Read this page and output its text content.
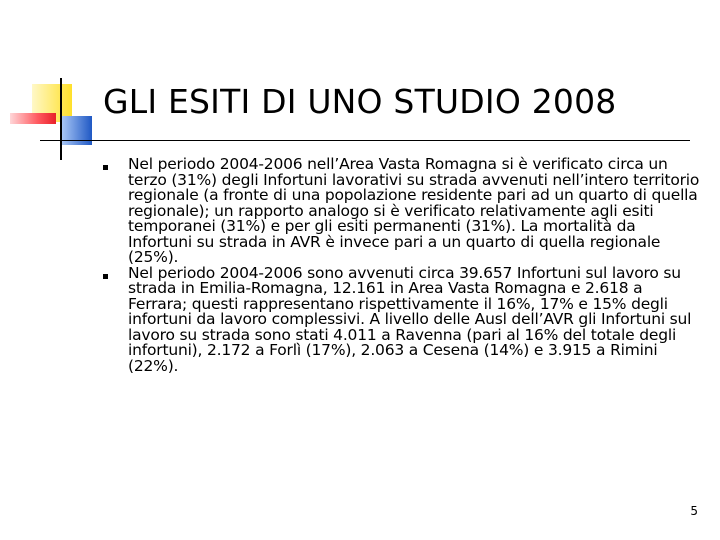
GLI ESITI DI UNO STUDIO 2008
Nel periodo 2004-2006 nell’Area Vasta Romagna si è verificato circa un terzo (31%) degli Infortuni lavorativi su strada avvenuti nell’intero territorio regionale (a fronte di una popolazione residente pari ad un quarto di quella regionale); un rapporto analogo si è verificato relativamente agli esiti temporanei (31%) e per gli esiti permanenti (31%). La mortalità da Infortuni su strada in AVR è invece pari a un quarto di quella regionale (25%).
Nel periodo 2004-2006 sono avvenuti circa 39.657 Infortuni sul lavoro su strada in Emilia-Romagna, 12.161 in Area Vasta Romagna e 2.618 a Ferrara; questi rappresentano rispettivamente il 16%, 17% e 15% degli infortuni da lavoro complessivi. A livello delle Ausl dell’AVR gli Infortuni sul lavoro su strada sono stati 4.011 a Ravenna (pari al 16% del totale degli infortuni), 2.172 a Forlì (17%), 2.063 a Cesena (14%) e 3.915 a Rimini (22%).
5
